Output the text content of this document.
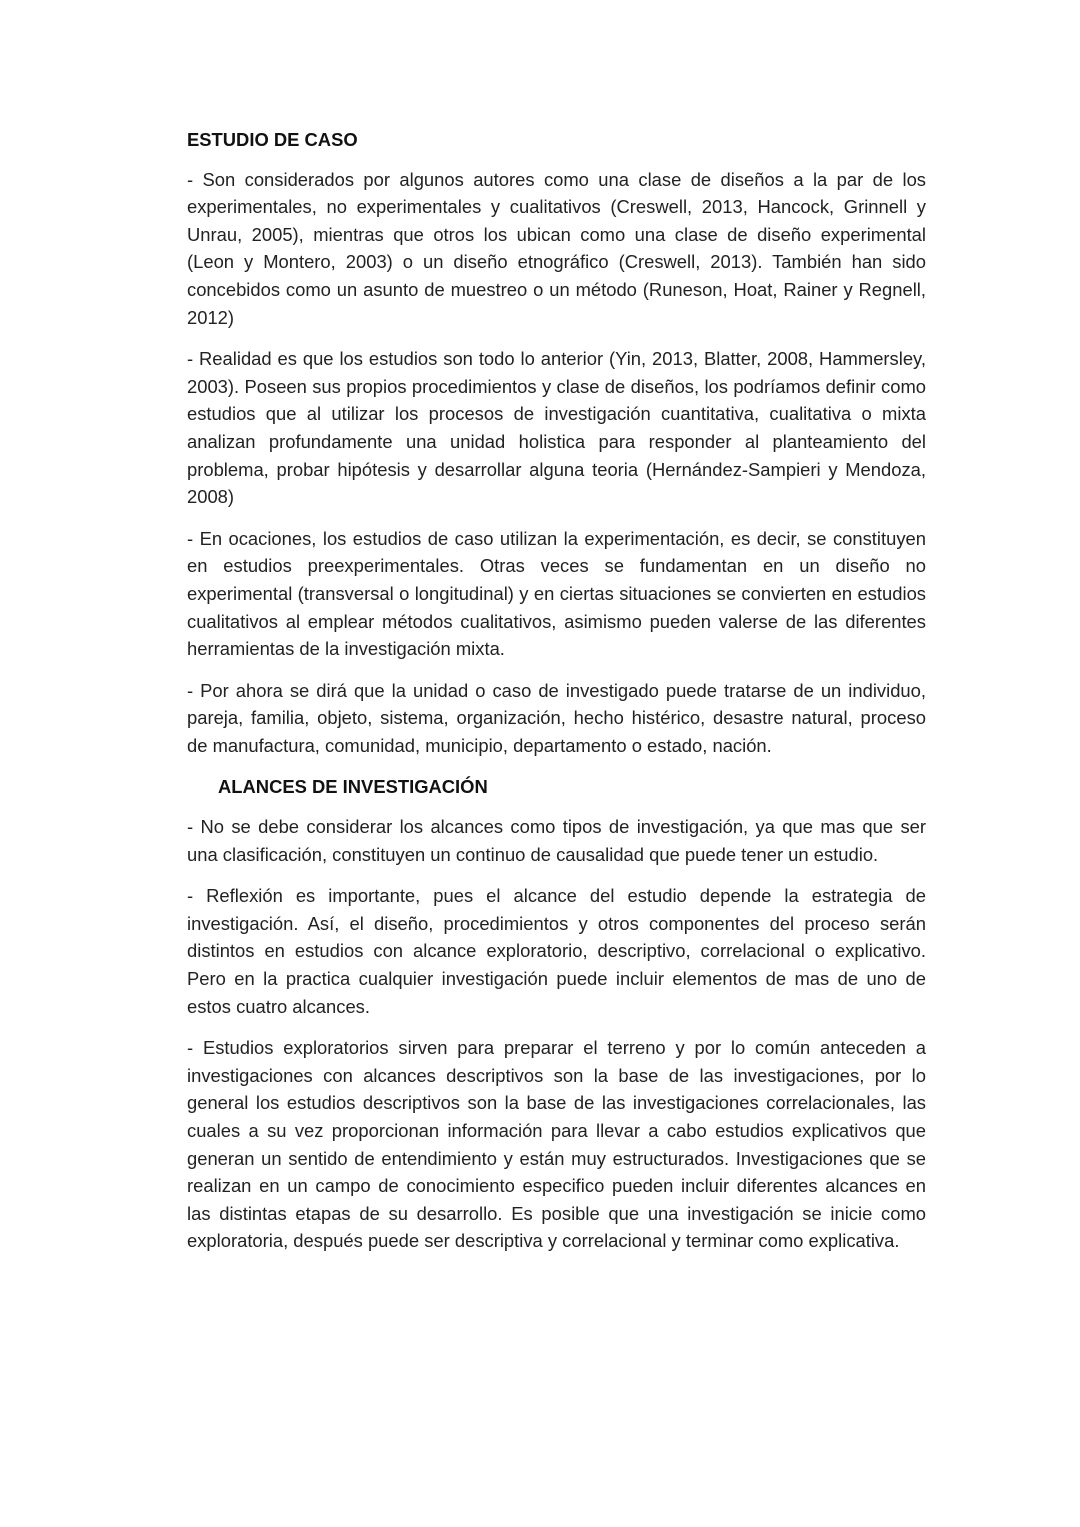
ESTUDIO DE CASO

- Son considerados por algunos autores como una clase de diseños a la par de los experimentales, no experimentales y cualitativos (Creswell, 2013, Hancock, Grinnell y Unrau, 2005), mientras que otros los ubican como una clase de diseño experimental (Leon y Montero, 2003) o un diseño etnográfico (Creswell, 2013). También han sido concebidos como un asunto de muestreo o un método (Runeson, Hoat, Rainer y Regnell, 2012)

- Realidad es que los estudios son todo lo anterior (Yin, 2013, Blatter, 2008, Hammersley, 2003). Poseen sus propios procedimientos y clase de diseños, los podríamos definir como estudios que al utilizar los procesos de investigación cuantitativa, cualitativa o mixta analizan profundamente una unidad holistica para responder al planteamiento del problema, probar hipótesis y desarrollar alguna teoria (Hernández-Sampieri y Mendoza, 2008)

- En ocaciones, los estudios de caso utilizan la experimentación, es decir, se constituyen en estudios preexperimentales. Otras veces se fundamentan en un diseño no experimental (transversal o longitudinal) y en ciertas situaciones se convierten en estudios cualitativos al emplear métodos cualitativos, asimismo pueden valerse de las diferentes herramientas de la investigación mixta.

- Por ahora se dirá que la unidad o caso de investigado puede tratarse de un individuo, pareja, familia, objeto, sistema, organización, hecho histérico, desastre natural, proceso de manufactura, comunidad, municipio, departamento o estado, nación.

ALANCES DE INVESTIGACIÓN

- No se debe considerar los alcances como tipos de investigación, ya que mas que ser una clasificación, constituyen un continuo de causalidad que puede tener un estudio.

- Reflexión es importante, pues el alcance del estudio depende la estrategia de investigación. Así, el diseño, procedimientos y otros componentes del proceso serán distintos en estudios con alcance exploratorio, descriptivo, correlacional o explicativo. Pero en la practica cualquier investigación puede incluir elementos de mas de uno de estos cuatro alcances.

- Estudios exploratorios sirven para preparar el terreno y por lo común anteceden a investigaciones con alcances descriptivos son la base de las investigaciones, por lo general los estudios descriptivos son la base de las investigaciones correlacionales, las cuales a su vez proporcionan información para llevar a cabo estudios explicativos que generan un sentido de entendimiento y están muy estructurados. Investigaciones que se realizan en un campo de conocimiento especifico pueden incluir diferentes alcances en las distintas etapas de su desarrollo. Es posible que una investigación se inicie como exploratoria, después puede ser descriptiva y correlacional y terminar como explicativa.
